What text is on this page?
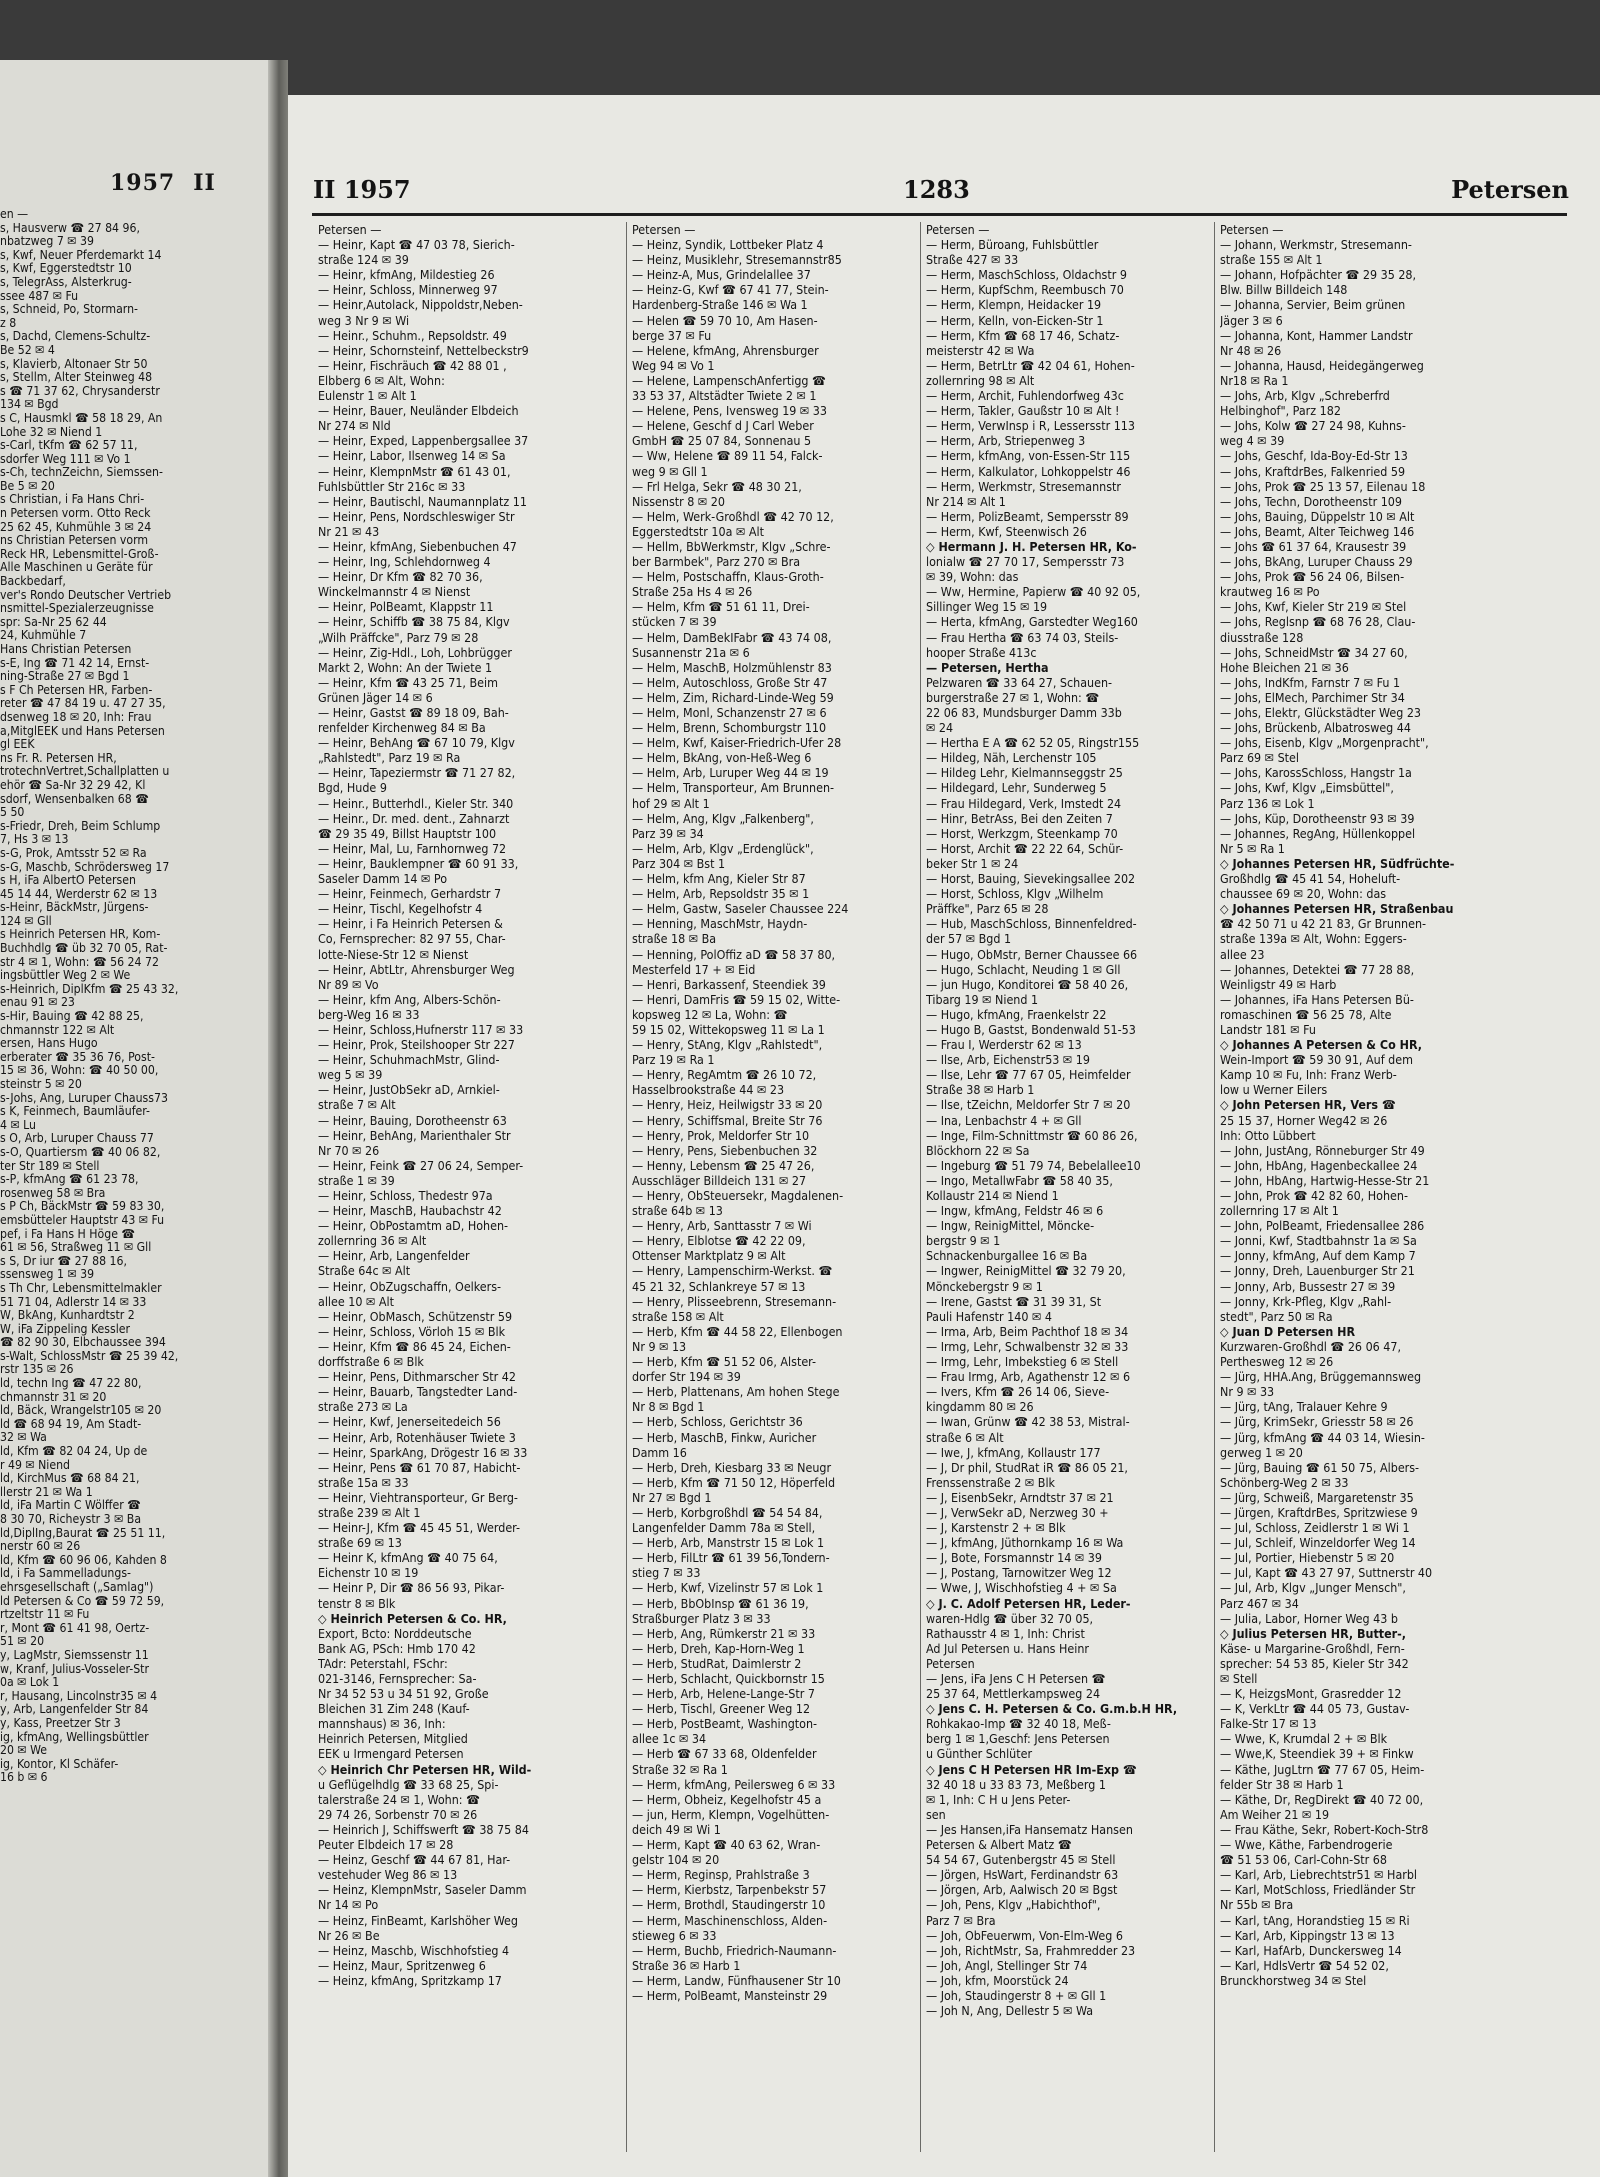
1957 II
en —
s, Hausverw ☎ 27 84 96,
nbatzweg 7 ✉ 39
s, Kwf, Neuer Pferdemarkt 14
s, Kwf, Eggerstedtstr 10
s, TelegrAss, Alsterkrug-
ssee 487 ✉ Fu
s, Schneid, Po, Stormarn-
z 8
s, Dachd, Clemens-Schultz-
Be 52 ✉ 4
s, Klavierb, Altonaer Str 50
s, Stellm, Alter Steinweg 48
s ☎ 71 37 62, Chrysanderstr
134 ✉ Bgd
s C, Hausmkl ☎ 58 18 29, An
Lohe 32 ✉ Niend 1
s-Carl, tKfm ☎ 62 57 11,
sdorfer Weg 111 ✉ Vo 1
s-Ch, technZeichn, Siemssen-
Be 5 ✉ 20
s Christian, i Fa Hans Chri-
n Petersen vorm. Otto Reck
25 62 45, Kuhmühle 3 ✉ 24
ns Christian Petersen vorm
Reck HR, Lebensmittel-Groß-
Alle Maschinen u Geräte für
Backbedarf,
ver's Rondo Deutscher Vertrieb
nsmittel-Spezialerzeugnisse
spr: Sa-Nr 25 62 44
24, Kuhmühle 7
Hans Christian Petersen
s-E, Ing ☎ 71 42 14, Ernst-
ning-Straße 27 ✉ Bgd 1
s F Ch Petersen HR, Farben-
reter ☎ 47 84 19 u. 47 27 35,
dsenweg 18 ✉ 20, Inh: Frau
a,MitglEEK und Hans Petersen
gl EEK
ns Fr. R. Petersen HR,
trotechnVertret,Schallplatten u
ehör ☎ Sa-Nr 32 29 42, Kl
sdorf, Wensenbalken 68 ☎
5 50
s-Friedr, Dreh, Beim Schlump
7, Hs 3 ✉ 13
s-G, Prok, Amtsstr 52 ✉ Ra
s-G, Maschb, Schrödersweg 17
s H, iFa AlbertO Petersen
45 14 44, Werderstr 62 ✉ 13
s-Heinr, BäckMstr, Jürgens-
124 ✉ Gll
s Heinrich Petersen HR, Kom-
Buchhdlg ☎ üb 32 70 05, Rat-
str 4 ✉ 1, Wohn: ☎ 56 24 72
ingsbüttler Weg 2 ✉ We
s-Heinrich, DiplKfm ☎ 25 43 32,
enau 91 ✉ 23
s-Hir, Bauing ☎ 42 88 25,
chmannstr 122 ✉ Alt
ersen, Hans Hugo
erberater ☎ 35 36 76, Post-
15 ✉ 36, Wohn: ☎ 40 50 00,
steinstr 5 ✉ 20
s-Johs, Ang, Luruper Chauss73
s K, Feinmech, Baumläufer-
4 ✉ Lu
s O, Arb, Luruper Chauss 77
s-O, Quartiersm ☎ 40 06 82,
ter Str 189 ✉ Stell
s-P, kfmAng ☎ 61 23 78,
rosenweg 58 ✉ Bra
s P Ch, BäckMstr ☎ 59 83 30,
emsbütteler Hauptstr 43 ✉ Fu
pef, i Fa Hans H Höge ☎
61 ✉ 56, Straßweg 11 ✉ Gll
s S, Dr iur ☎ 27 88 16,
ssensweg 1 ✉ 39
s Th Chr, Lebensmittelmakler
51 71 04, Adlerstr 14 ✉ 33
W, BkAng, Kunhardtstr 2
W, iFa Zippeling Kessler
☎ 82 90 30, Elbchaussee 394
s-Walt, SchlossMstr ☎ 25 39 42,
rstr 135 ✉ 26
ld, techn Ing ☎ 47 22 80,
chmannstr 31 ✉ 20
ld, Bäck, Wrangelstr105 ✉ 20
ld ☎ 68 94 19, Am Stadt-
32 ✉ Wa
ld, Kfm ☎ 82 04 24, Up de
r 49 ✉ Niend
ld, KirchMus ☎ 68 84 21,
llerstr 21 ✉ Wa 1
ld, iFa Martin C Wölffer ☎
8 30 70, Richeystr 3 ✉ Ba
ld,DiplIng,Baurat ☎ 25 51 11,
nerstr 60 ✉ 26
ld, Kfm ☎ 60 96 06, Kahden 8
ld, i Fa Sammelladungs-
ehrsgesellschaft („Samlag")
ld Petersen & Co ☎ 59 72 59,
rtzeltstr 11 ✉ Fu
r, Mont ☎ 61 41 98, Oertz-
51 ✉ 20
y, LagMstr, Siemssenstr 11
w, Kranf, Julius-Vosseler-Str
0a ✉ Lok 1
r, Hausang, Lincolnstr35 ✉ 4
y, Arb, Langenfelder Str 84
y, Kass, Preetzer Str 3
ig, kfmAng, Wellingsbüttler
20 ✉ We
ig, Kontor, Kl Schäfer-
16 b ✉ 6
II 1957	1283	Petersen
Petersen —
— Heinr, Kapt ☎ 47 03 78, Sierich-
straße 124 ✉ 39
— Heinr, kfmAng, Mildestieg 26
— Heinr, Schloss, Minnerweg 97
— Heinr,Autolack, Nippoldstr,Neben-
weg 3 Nr 9 ✉ Wi
— Heinr., Schuhm., Repsoldstr. 49
— Heinr, Schornsteinf, Nettelbeckstr9
— Heinr, Fischräuch ☎ 42 88 01 ,
Elbberg 6 ✉ Alt, Wohn:
Eulenstr 1 ✉ Alt 1
— Heinr, Bauer, Neuländer Elbdeich
Nr 274 ✉ Nld
— Heinr, Exped, Lappenbergsallee 37
— Heinr, Labor, Ilsenweg 14 ✉ Sa
— Heinr, KlempnMstr ☎ 61 43 01,
Fuhlsbüttler Str 216c ✉ 33
— Heinr, Bautischl, Naumannplatz 11
— Heinr, Pens, Nordschleswiger Str
Nr 21 ✉ 43
— Heinr, kfmAng, Siebenbuchen 47
— Heinr, Ing, Schlehdornweg 4
— Heinr, Dr Kfm ☎ 82 70 36,
Winckelmannstr 4 ✉ Nienst
— Heinr, PolBeamt, Klappstr 11
— Heinr, Schiffb ☎ 38 75 84, Klgv
„Wilh Präffcke", Parz 79 ✉ 28
— Heinr, Zig-Hdl., Loh, Lohbrügger
Markt 2, Wohn: An der Twiete 1
— Heinr, Kfm ☎ 43 25 71, Beim
Grünen Jäger 14 ✉ 6
— Heinr, Gastst ☎ 89 18 09, Bah-
renfelder Kirchenweg 84 ✉ Ba
— Heinr, BehAng ☎ 67 10 79, Klgv
„Rahlstedt", Parz 19 ✉ Ra
— Heinr, Tapeziermstr ☎ 71 27 82,
Bgd, Hude 9
— Heinr., Butterhdl., Kieler Str. 340
— Heinr., Dr. med. dent., Zahnarzt
☎ 29 35 49, Billst Hauptstr 100
— Heinr, Mal, Lu, Farnhornweg 72
— Heinr, Bauklempner ☎ 60 91 33,
Saseler Damm 14 ✉ Po
— Heinr, Feinmech, Gerhardstr 7
— Heinr, Tischl, Kegelhofstr 4
— Heinr, i Fa Heinrich Petersen &
Co, Fernsprecher: 82 97 55, Char-
lotte-Niese-Str 12 ✉ Nienst
— Heinr, AbtLtr, Ahrensburger Weg
Nr 89 ✉ Vo
— Heinr, kfm Ang, Albers-Schön-
berg-Weg 16 ✉ 33
— Heinr, Schloss,Hufnerstr 117 ✉ 33
— Heinr, Prok, Steilshooper Str 227
— Heinr, SchuhmachMstr, Glind-
weg 5 ✉ 39
— Heinr, JustObSekr aD, Arnkiel-
straße 7 ✉ Alt
— Heinr, Bauing, Dorotheenstr 63
— Heinr, BehAng, Marienthaler Str
Nr 70 ✉ 26
— Heinr, Feink ☎ 27 06 24, Semper-
straße 1 ✉ 39
— Heinr, Schloss, Thedestr 97a
— Heinr, MaschB, Haubachstr 42
— Heinr, ObPostamtm aD, Hohen-
zollernring 36 ✉ Alt
— Heinr, Arb, Langenfelder
Straße 64c ✉ Alt
— Heinr, ObZugschaffn, Oelkers-
allee 10 ✉ Alt
— Heinr, ObMasch, Schützenstr 59
— Heinr, Schloss, Vörloh 15 ✉ Blk
— Heinr, Kfm ☎ 86 45 24, Eichen-
dorffstraße 6 ✉ Blk
— Heinr, Pens, Dithmarscher Str 42
— Heinr, Bauarb, Tangstedter Land-
straße 273 ✉ La
— Heinr, Kwf, Jenerseitedeich 56
— Heinr, Arb, Rotenhäuser Twiete 3
— Heinr, SparkAng, Drögestr 16 ✉ 33
— Heinr, Pens ☎ 61 70 87, Habicht-
straße 15a ✉ 33
— Heinr, Viehtransporteur, Gr Berg-
straße 239 ✉ Alt 1
— Heinr-J, Kfm ☎ 45 45 51, Werder-
straße 69 ✉ 13
— Heinr K, kfmAng ☎ 40 75 64,
Eichenstr 10 ✉ 19
— Heinr P, Dir ☎ 86 56 93, Pikar-
tenstr 8 ✉ Blk
◇ Heinrich Petersen & Co. HR,
Export, Bcto: Norddeutsche
Bank AG, PSch: Hmb 170 42
TAdr: Peterstahl, FSchr:
021-3146, Fernsprecher: Sa-
Nr 34 52 53 u 34 51 92, Große
Bleichen 31 Zim 248 (Kauf-
mannshaus) ✉ 36, Inh:
Heinrich Petersen, Mitglied
EEK u Irmengard Petersen
◇ Heinrich Chr Petersen HR, Wild-
u Geflügelhdlg ☎ 33 68 25, Spi-
talerstraße 24 ✉ 1, Wohn: ☎
29 74 26, Sorbenstr 70 ✉ 26
— Heinrich J, Schiffswerft ☎ 38 75 84
Peuter Elbdeich 17 ✉ 28
— Heinz, Geschf ☎ 44 67 81, Har-
vestehuder Weg 86 ✉ 13
— Heinz, KlempnMstr, Saseler Damm
Nr 14 ✉ Po
— Heinz, FinBeamt, Karlshöher Weg
Nr 26 ✉ Be
— Heinz, Maschb, Wischhofstieg 4
— Heinz, Maur, Spritzenweg 6
— Heinz, kfmAng, Spritzkamp 17
Petersen —
— Heinz, Syndik, Lottbeker Platz 4
— Heinz, Musiklehr, Stresemannstr85
— Heinz-A, Mus, Grindelallee 37
— Heinz-G, Kwf ☎ 67 41 77, Stein-
Hardenberg-Straße 146 ✉ Wa 1
— Helen ☎ 59 70 10, Am Hasen-
berge 37 ✉ Fu
— Helene, kfmAng, Ahrensburger
Weg 94 ✉ Vo 1
— Helene, LampenschAnfertigg ☎
33 53 37, Altstädter Twiete 2 ✉ 1
— Helene, Pens, Ivensweg 19 ✉ 33
— Helene, Geschf d J Carl Weber
GmbH ☎ 25 07 84, Sonnenau 5
— Ww, Helene ☎ 89 11 54, Falck-
weg 9 ✉ Gll 1
— Frl Helga, Sekr ☎ 48 30 21,
Nissenstr 8 ✉ 20
— Helm, Werk-Großhdl ☎ 42 70 12,
Eggerstedtstr 10a ✉ Alt
— Hellm, BbWerkmstr, Klgv „Schre-
ber Barmbek", Parz 270 ✉ Bra
— Helm, Postschaffn, Klaus-Groth-
Straße 25a Hs 4 ✉ 26
— Helm, Kfm ☎ 51 61 11, Drei-
stücken 7 ✉ 39
— Helm, DamBekIFabr ☎ 43 74 08,
Susannenstr 21a ✉ 6
— Helm, MaschB, Holzmühlenstr 83
— Helm, Autoschloss, Große Str 47
— Helm, Zim, Richard-Linde-Weg 59
— Helm, Monl, Schanzenstr 27 ✉ 6
— Helm, Brenn, Schomburgstr 110
— Helm, Kwf, Kaiser-Friedrich-Ufer 28
— Helm, BkAng, von-Heß-Weg 6
— Helm, Arb, Luruper Weg 44 ✉ 19
— Helm, Transporteur, Am Brunnen-
hof 29 ✉ Alt 1
— Helm, Ang, Klgv „Falkenberg",
Parz 39 ✉ 34
— Helm, Arb, Klgv „Erdenglück",
Parz 304 ✉ Bst 1
— Helm, kfm Ang, Kieler Str 87
— Helm, Arb, Repsoldstr 35 ✉ 1
— Helm, Gastw, Saseler Chaussee 224
— Henning, MaschMstr, Haydn-
straße 18 ✉ Ba
— Henning, PolOffiz aD ☎ 58 37 80,
Mesterfeld 17 + ✉ Eid
— Henri, Barkassenf, Steendiek 39
— Henri, DamFris ☎ 59 15 02, Witte-
kopsweg 12 ✉ La, Wohn: ☎
59 15 02, Wittekopsweg 11 ✉ La 1
— Henry, StAng, Klgv „Rahlstedt",
Parz 19 ✉ Ra 1
— Henry, RegAmtm ☎ 26 10 72,
Hasselbrookstraße 44 ✉ 23
— Henry, Heiz, Heilwigstr 33 ✉ 20
— Henry, Schiffsmal, Breite Str 76
— Henry, Prok, Meldorfer Str 10
— Henry, Pens, Siebenbuchen 32
— Henny, Lebensm ☎ 25 47 26,
Ausschläger Billdeich 131 ✉ 27
— Henry, ObSteuersekr, Magdalenen-
straße 64b ✉ 13
— Henry, Arb, Santtasstr 7 ✉ Wi
— Henry, Elblotse ☎ 42 22 09,
Ottenser Marktplatz 9 ✉ Alt
— Henry, Lampenschirm-Werkst. ☎
45 21 32, Schlankreye 57 ✉ 13
— Henry, Plisseebrenn, Stresemann-
straße 158 ✉ Alt
— Herb, Kfm ☎ 44 58 22, Ellenbogen
Nr 9 ✉ 13
— Herb, Kfm ☎ 51 52 06, Alster-
dorfer Str 194 ✉ 39
— Herb, Plattenans, Am hohen Stege
Nr 8 ✉ Bgd 1
— Herb, Schloss, Gerichtstr 36
— Herb, MaschB, Finkw, Auricher
Damm 16
— Herb, Dreh, Kiesbarg 33 ✉ Neugr
— Herb, Kfm ☎ 71 50 12, Höperfeld
Nr 27 ✉ Bgd 1
— Herb, Korbgroßhdl ☎ 54 54 84,
Langenfelder Damm 78a ✉ Stell,
— Herb, Arb, Manstrstr 15 ✉ Lok 1
— Herb, FilLtr ☎ 61 39 56,Tondern-
stieg 7 ✉ 33
— Herb, Kwf, Vizelinstr 57 ✉ Lok 1
— Herb, BbObInsp ☎ 61 36 19,
Straßburger Platz 3 ✉ 33
— Herb, Ang, Rümkerstr 21 ✉ 33
— Herb, Dreh, Kap-Horn-Weg 1
— Herb, StudRat, Daimlerstr 2
— Herb, Schlacht, Quickbornstr 15
— Herb, Arb, Helene-Lange-Str 7
— Herb, Tischl, Greener Weg 12
— Herb, PostBeamt, Washington-
allee 1c ✉ 34
— Herb ☎ 67 33 68, Oldenfelder
Straße 32 ✉ Ra 1
— Herm, kfmAng, Peilersweg 6 ✉ 33
— Herm, Obheiz, Kegelhofstr 45 a
— jun, Herm, Klempn, Vogelhütten-
deich 49 ✉ Wi 1
— Herm, Kapt ☎ 40 63 62, Wran-
gelstr 104 ✉ 20
— Herm, Reginsp, Prahlstraße 3
— Herm, Kierbstz, Tarpenbekstr 57
— Herm, Brothdl, Staudingerstr 10
— Herm, Maschinenschloss, Alden-
stieweg 6 ✉ 33
— Herm, Buchb, Friedrich-Naumann-
Straße 36 ✉ Harb 1
— Herm, Landw, Fünfhausener Str 10
— Herm, PolBeamt, Mansteinstr 29
Petersen —
— Herm, Büroang, Fuhlsbüttler
Straße 427 ✉ 33
— Herm, MaschSchloss, Oldachstr 9
— Herm, KupfSchm, Reembusch 70
— Herm, Klempn, Heidacker 19
— Herm, Kelln, von-Eicken-Str 1
— Herm, Kfm ☎ 68 17 46, Schatz-
meisterstr 42 ✉ Wa
— Herm, BetrLtr ☎ 42 04 61, Hohen-
zollernring 98 ✉ Alt
— Herm, Archit, Fuhlendorfweg 43c
— Herm, Takler, Gaußstr 10 ✉ Alt !
— Herm, VerwInsp i R, Lessersstr 113
— Herm, Arb, Striepenweg 3
— Herm, kfmAng, von-Essen-Str 115
— Herm, Kalkulator, Lohkoppelstr 46
— Herm, Werkmstr, Stresemannstr
Nr 214 ✉ Alt 1
— Herm, PolizBeamt, Sempersstr 89
— Herm, Kwf, Steenwisch 26
◇ Hermann J. H. Petersen HR, Ko-
lonialw ☎ 27 70 17, Sempersstr 73
✉ 39, Wohn: das
— Ww, Hermine, Papierw ☎ 40 92 05,
Sillinger Weg 15 ✉ 19
— Herta, kfmAng, Garstedter Weg160
— Frau Hertha ☎ 63 74 03, Steils-
hooper Straße 413c
— Petersen, Hertha
Pelzwaren ☎ 33 64 27, Schauen-
burgerstraße 27 ✉ 1, Wohn: ☎
22 06 83, Mundsburger Damm 33b
✉ 24
— Hertha E A ☎ 62 52 05, Ringstr155
— Hildeg, Näh, Lerchenstr 105
— Hildeg Lehr, Kielmannseggstr 25
— Hildegard, Lehr, Sunderweg 5
— Frau Hildegard, Verk, Imstedt 24
— Hinr, BetrAss, Bei den Zeiten 7
— Horst, Werkzgm, Steenkamp 70
— Horst, Archit ☎ 22 22 64, Schür-
beker Str 1 ✉ 24
— Horst, Bauing, Sievekingsallee 202
— Horst, Schloss, Klgv „Wilhelm
Präffke", Parz 65 ✉ 28
— Hub, MaschSchloss, Binnenfeldred-
der 57 ✉ Bgd 1
— Hugo, ObMstr, Berner Chaussee 66
— Hugo, Schlacht, Neuding 1 ✉ Gll
— jun Hugo, Konditorei ☎ 58 40 26,
Tibarg 19 ✉ Niend 1
— Hugo, kfmAng, Fraenkelstr 22
— Hugo B, Gastst, Bondenwald 51-53
— Frau I, Werderstr 62 ✉ 13
— Ilse, Arb, Eichenstr53 ✉ 19
— Ilse, Lehr ☎ 77 67 05, Heimfelder
Straße 38 ✉ Harb 1
— Ilse, tZeichn, Meldorfer Str 7 ✉ 20
— Ina, Lenbachstr 4 + ✉ Gll
— Inge, Film-Schnittmstr ☎ 60 86 26,
Blöckhorn 22 ✉ Sa
— Ingeburg ☎ 51 79 74, Bebelallee10
— Ingo, MetallwFabr ☎ 58 40 35,
Kollaustr 214 ✉ Niend 1
— Ingw, kfmAng, Feldstr 46 ✉ 6
— Ingw, ReinigMittel, Mönckе-
bergstr 9 ✉ 1
Schnackenburgallee 16 ✉ Ba
— Ingwer, ReinigMittel ☎ 32 79 20,
Mönckebergstr 9 ✉ 1
— Irene, Gastst ☎ 31 39 31, St
Pauli Hafenstr 140 ✉ 4
— Irma, Arb, Beim Pachthof 18 ✉ 34
— Irmg, Lehr, Schwalbenstr 32 ✉ 33
— Irmg, Lehr, Imbekstieg 6 ✉ Stell
— Frau Irmg, Arb, Agathenstr 12 ✉ 6
— Ivers, Kfm ☎ 26 14 06, Sieve-
kingdamm 80 ✉ 26
— Iwan, Grünw ☎ 42 38 53, Mistral-
straße 6 ✉ Alt
— Iwe, J, kfmAng, Kollaustr 177
— J, Dr phil, StudRat iR ☎ 86 05 21,
Frenssenstraße 2 ✉ Blk
— J, EisenbSekr, Arndtstr 37 ✉ 21
— J, VerwSekr aD, Nerzweg 30 +
— J, Karstenstr 2 + ✉ Blk
— J, kfmAng, Jüthornkamp 16 ✉ Wa
— J, Bote, Forsmannstr 14 ✉ 39
— J, Postang, Tarnowitzer Weg 12
— Wwe, J, Wischhofstieg 4 + ✉ Sa
◇ J. C. Adolf Petersen HR, Leder-
waren-Hdlg ☎ über 32 70 05,
Rathausstr 4 ✉ 1, Inh: Christ
Ad Jul Petersen u. Hans Heinr
Petersen
— Jens, iFa Jens C H Petersen ☎
25 37 64, Mettlerkampsweg 24
◇ Jens C. H. Petersen & Co. G.m.b.H HR,
Rohkakao-Imp ☎ 32 40 18, Meß-
berg 1 ✉ 1,Geschf: Jens Petersen
u Günther Schlüter
◇ Jens C H Petersen HR Im-Exp ☎
32 40 18 u 33 83 73, Meßberg 1
✉ 1, Inh: C H u Jens Peter-
sen
— Jes Hansen,iFa Hansematz Hansen
Petersen & Albert Matz ☎
54 54 67, Gutenbergstr 45 ✉ Stell
— Jörgen, HsWart, Ferdinandstr 63
— Jörgen, Arb, Aalwisch 20 ✉ Bgst
— Joh, Pens, Klgv „Habichthof",
Parz 7 ✉ Bra
— Joh, ObFeuerwm, Von-Elm-Weg 6
— Joh, RichtMstr, Sa, Frahmredder 23
— Joh, Angl, Stellinger Str 74
— Joh, kfm, Moorstück 24
— Joh, Staudingerstr 8 + ✉ Gll 1
— Joh N, Ang, Dellestr 5 ✉ Wa
Petersen —
— Johann, Werkmstr, Stresemann-
straße 155 ✉ Alt 1
— Johann, Hofpächter ☎ 29 35 28,
Blw. Billw Billdeich 148
— Johanna, Servier, Beim grünen
Jäger 3 ✉ 6
— Johanna, Kont, Hammer Landstr
Nr 48 ✉ 26
— Johanna, Hausd, Heidegängerweg
Nr18 ✉ Ra 1
— Johs, Arb, Klgv „Schreberfrd
Helbinghof", Parz 182
— Johs, Kolw ☎ 27 24 98, Kuhns-
weg 4 ✉ 39
— Johs, Geschf, Ida-Boy-Ed-Str 13
— Johs, KraftdrBes, Falkenried 59
— Johs, Prok ☎ 25 13 57, Eilenau 18
— Johs, Techn, Dorotheenstr 109
— Johs, Bauing, Düppelstr 10 ✉ Alt
— Johs, Beamt, Alter Teichweg 146
— Johs ☎ 61 37 64, Krausestr 39
— Johs, BkAng, Luruper Chauss 29
— Johs, Prok ☎ 56 24 06, Bilsen-
krautweg 16 ✉ Po
— Johs, Kwf, Kieler Str 219 ✉ Stel
— Johs, Reglsnp ☎ 68 76 28, Clau-
diusstraße 128
— Johs, SchneidMstr ☎ 34 27 60,
Hohe Bleichen 21 ✉ 36
— Johs, IndKfm, Farnstr 7 ✉ Fu 1
— Johs, ElMech, Parchimer Str 34
— Johs, Elektr, Glückstädter Weg 23
— Johs, Brückenb, Albatrosweg 44
— Johs, Eisenb, Klgv „Morgenpracht",
Parz 69 ✉ Stel
— Johs, KarossSchloss, Hangstr 1a
— Johs, Kwf, Klgv „Eimsbüttel",
Parz 136 ✉ Lok 1
— Johs, Küp, Dorotheenstr 93 ✉ 39
— Johannes, RegAng, Hüllenkoppel
Nr 5 ✉ Ra 1
◇ Johannes Petersen HR, Südfrüchte-
Großhdlg ☎ 45 41 54, Hoheluft-
chaussee 69 ✉ 20, Wohn: das
◇ Johannes Petersen HR, Straßenbau
☎ 42 50 71 u 42 21 83, Gr Brunnen-
straße 139a ✉ Alt, Wohn: Eggers-
allee 23
— Johannes, Detektei ☎ 77 28 88,
Weinligstr 49 ✉ Harb
— Johannes, iFa Hans Petersen Bü-
romaschinen ☎ 56 25 78, Alte
Landstr 181 ✉ Fu
◇ Johannes A Petersen & Co HR,
Wein-Import ☎ 59 30 91, Auf dem
Kamp 10 ✉ Fu, Inh: Franz Werb-
low u Werner Eilers
◇ John Petersen HR, Vers ☎
25 15 37, Horner Weg42 ✉ 26
Inh: Otto Lübbert
— John, JustAng, Rönneburger Str 49
— John, HbAng, Hagenbeckallee 24
— John, HbAng, Hartwig-Hesse-Str 21
— John, Prok ☎ 42 82 60, Hohen-
zollernring 17 ✉ Alt 1
— John, PolBeamt, Friedensallee 286
— Jonni, Kwf, Stadtbahnstr 1a ✉ Sa
— Jonny, kfmAng, Auf dem Kamp 7
— Jonny, Dreh, Lauenburger Str 21
— Jonny, Arb, Bussestr 27 ✉ 39
— Jonny, Krk-Pfleg, Klgv „Rahl-
stedt", Parz 50 ✉ Ra
◇ Juan D Petersen HR
Kurzwaren-Großhdl ☎ 26 06 47,
Perthesweg 12 ✉ 26
— Jürg, HHA.Ang, Brüggemannsweg
Nr 9 ✉ 33
— Jürg, tAng, Tralauer Kehre 9
— Jürg, KrimSekr, Griesstr 58 ✉ 26
— Jürg, kfmAng ☎ 44 03 14, Wiesin-
gerweg 1 ✉ 20
— Jürg, Bauing ☎ 61 50 75, Albers-
Schönberg-Weg 2 ✉ 33
— Jürg, Schweiß, Margaretenstr 35
— Jürgen, KraftdrBes, Spritzwiese 9
— Jul, Schloss, Zeidlerstr 1 ✉ Wi 1
— Jul, Schleif, Winzeldorfer Weg 14
— Jul, Portier, Hiebenstr 5 ✉ 20
— Jul, Kapt ☎ 43 27 97, Suttnerstr 40
— Jul, Arb, Klgv „Junger Mensch",
Parz 467 ✉ 34
— Julia, Labor, Horner Weg 43 b
◇ Julius Petersen HR, Butter-,
Käse- u Margarine-Großhdl, Fern-
sprecher: 54 53 85, Kieler Str 342
✉ Stell
— K, HeizgsMont, Grasredder 12
— K, VerkLtr ☎ 44 05 73, Gustav-
Falke-Str 17 ✉ 13
— Wwe, K, Krumdal 2 + ✉ Blk
— Wwe,K, Steendiek 39 + ✉ Finkw
— Käthe, JugLtrn ☎ 77 67 05, Heim-
felder Str 38 ✉ Harb 1
— Käthe, Dr, RegDirekt ☎ 40 72 00,
Am Weiher 21 ✉ 19
— Frau Käthe, Sekr, Robert-Koch-Str8
— Wwe, Käthe, Farbendrogerie
☎ 51 53 06, Carl-Cohn-Str 68
— Karl, Arb, Liebrechtstr51 ✉ Harbl
— Karl, MotSchloss, Friedländer Str
Nr 55b ✉ Bra
— Karl, tAng, Horandstieg 15 ✉ Ri
— Karl, Arb, Kippingstr 13 ✉ 13
— Karl, HafArb, Dunckersweg 14
— Karl, HdlsVertr ☎ 54 52 02,
Brunckhorstweg 34 ✉ Stel
